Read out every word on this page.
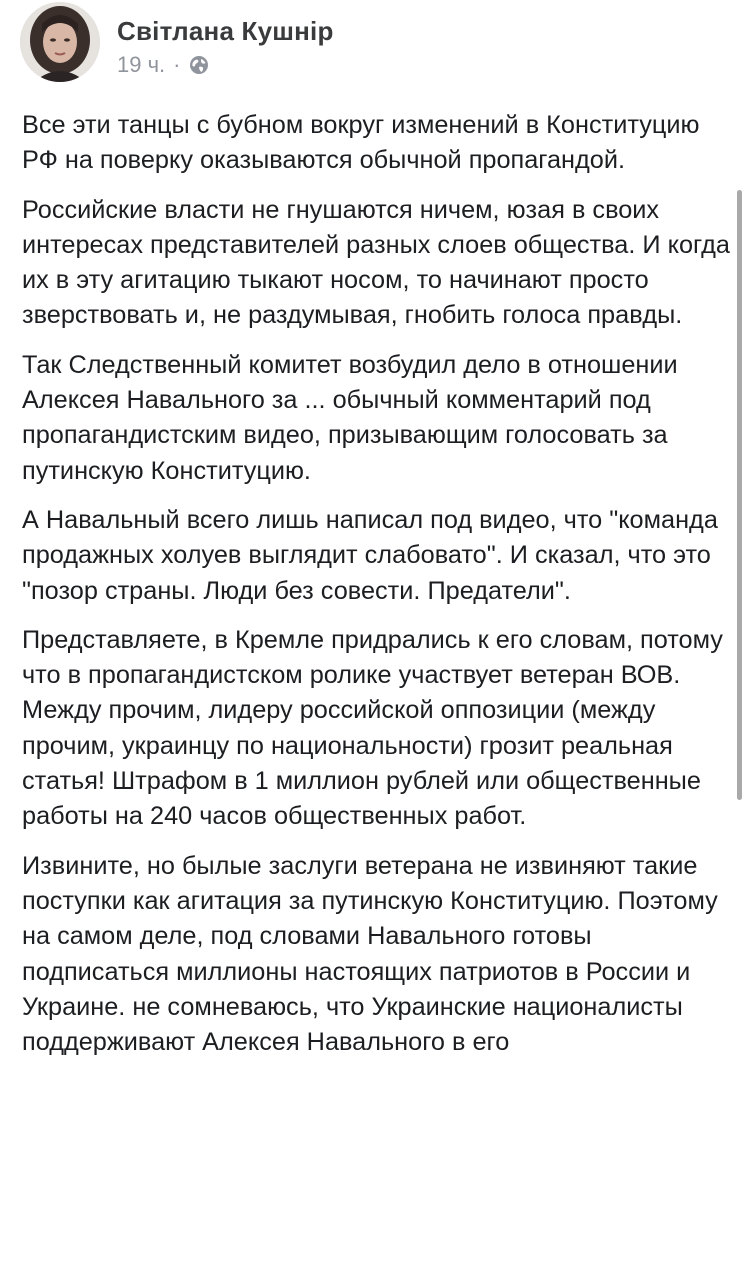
Світлана Кушнір
19 ч. ·

Все эти танцы с бубном вокруг изменений в Конституцию РФ на поверку оказываются обычной пропагандой.

Российские власти не гнушаются ничем, юзая в своих интересах представителей разных слоев общества. И когда их в эту агитацию тыкают носом, то начинают просто зверствовать и, не раздумывая, гнобить голоса правды.

Так Следственный комитет возбудил дело в отношении Алексея Навального за ... обычный комментарий под пропагандистским видео, призывающим голосовать за путинскую Конституцию.

А Навальный всего лишь написал под видео, что "команда продажных холуев выглядит слабовато". И сказал, что это "позор страны. Люди без совести. Предатели".

Представляете, в Кремле придрались к его словам, потому что в пропагандистском ролике участвует ветеран ВОВ. Между прочим, лидеру российской оппозиции (между прочим, украинцу по национальности) грозит реальная статья! Штрафом в 1 миллион рублей или общественные работы на 240 часов общественных работ.

Извините, но былые заслуги ветерана не извиняют такие поступки как агитация за путинскую Конституцию. Поэтому на самом деле, под словами Навального готовы подписаться миллионы настоящих патриотов в России и Украине. не сомневаюсь, что Украинские националисты поддерживают Алексея Навального в его
